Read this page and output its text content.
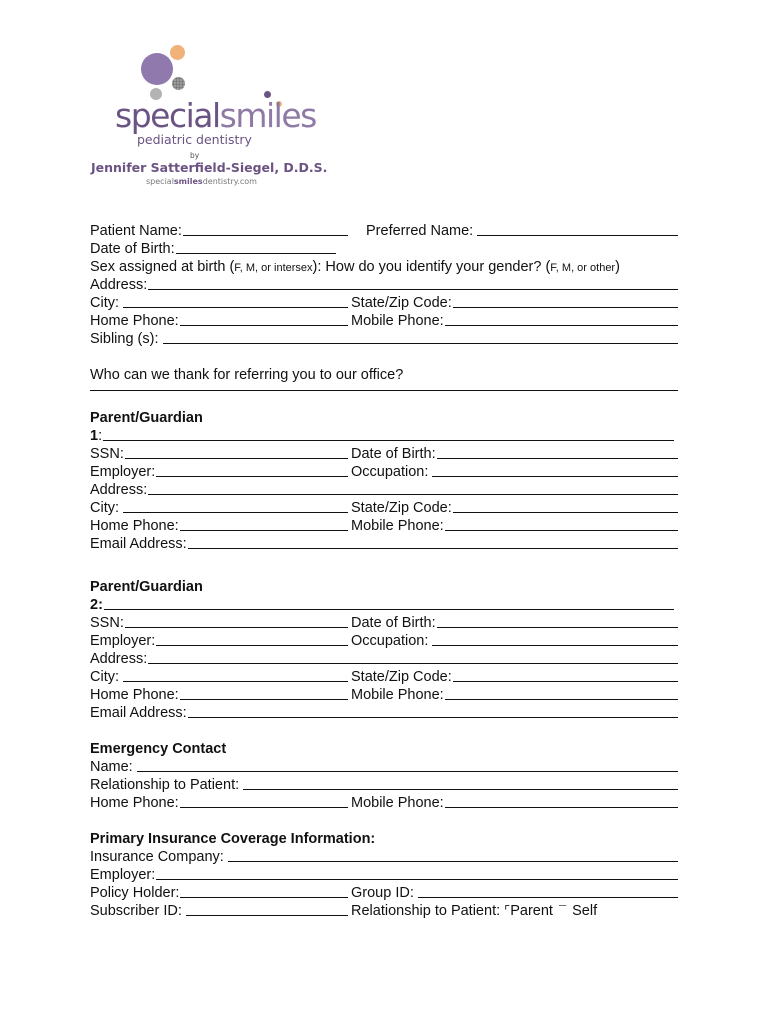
specialsmiles
pediatric dentistry
by
Jennifer Satterfield-Siegel, D.D.S.
specialsmilesdentistry.com
Patient Name:	Preferred Name:
Date of Birth:
Sex assigned at birth (F, M, or intersex): How do you identify your gender? (F, M, or other)
Address:
City:	State/Zip Code:
Home Phone:	Mobile Phone:
Sibling (s):
Who can we thank for referring you to our office?
Parent/Guardian
1 :
SSN:	Date of Birth:
Employer:	Occupation:
Address:
City:	State/Zip Code:
Home Phone:	Mobile Phone:
Email Address:
Parent/Guardian
2:
SSN:	Date of Birth:
Employer:	Occupation:
Address:
City:	State/Zip Code:
Home Phone:	Mobile Phone:
Email Address:
Emergency Contact
Name:
Relationship to Patient:
Home Phone:	Mobile Phone:
Primary Insurance Coverage Information:
Insurance Company:
Employer:
Policy Holder:	Group ID:
Subscriber ID:	Relationship to Patient: ⌜ Parent ¯ Self
